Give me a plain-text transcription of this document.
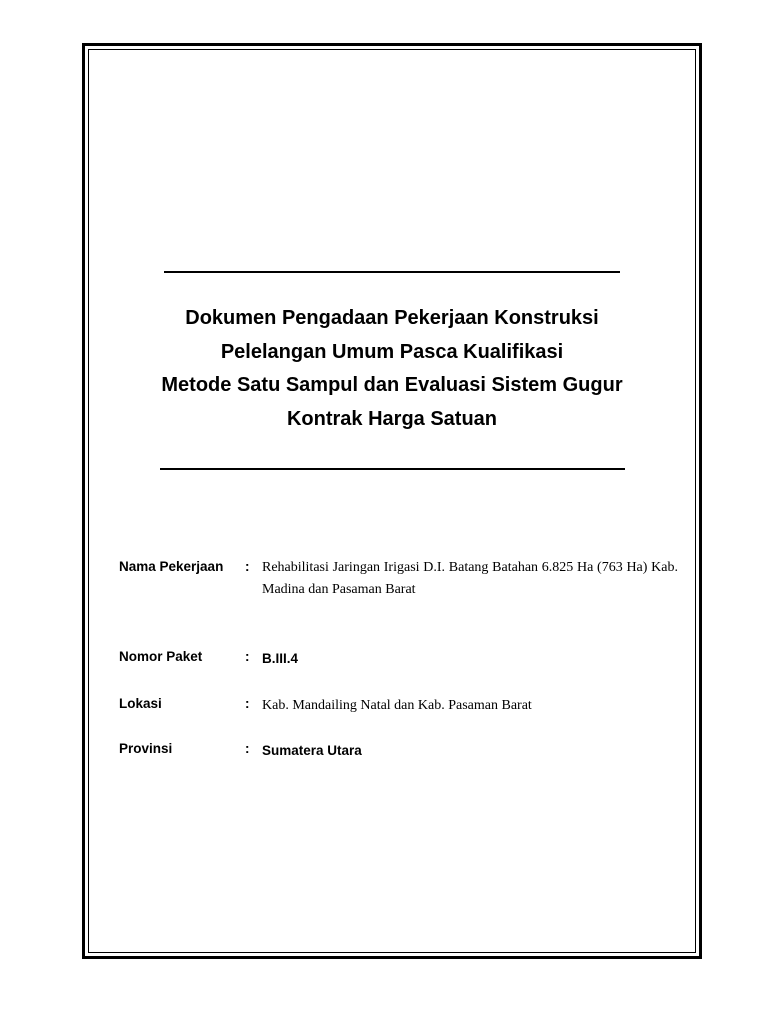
Dokumen Pengadaan Pekerjaan Konstruksi
Pelelangan Umum Pasca Kualifikasi
Metode Satu Sampul dan Evaluasi Sistem Gugur
Kontrak Harga Satuan
Nama Pekerjaan : Rehabilitasi Jaringan Irigasi D.I. Batang Batahan 6.825 Ha (763 Ha) Kab. Madina dan Pasaman Barat
Nomor Paket	: B.III.4
Lokasi	: Kab. Mandailing Natal dan Kab. Pasaman Barat
Provinsi	: Sumatera Utara
